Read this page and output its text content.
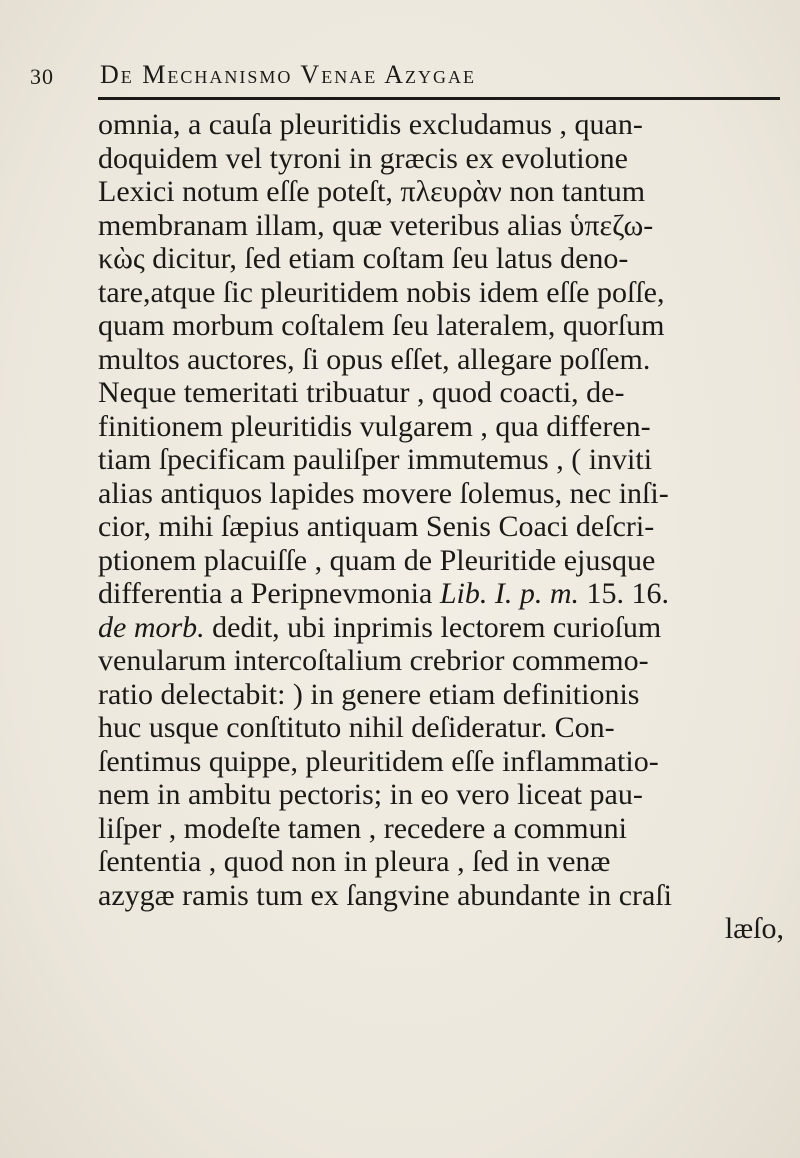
30 De Mechanismo Venae Azygae
omnia, a cauſa pleuritidis excludamus , quan-
doquidem vel tyroni in græcis ex evolutione
Lexici notum eſſe poteſt, πλευρὰν non tantum
membranam illam, quæ veteribus alias ὑπεζω-
κὼς dicitur, ſed etiam coſtam ſeu latus deno-
tare,atque ſic pleuritidem nobis idem eſſe poſſe,
quam morbum coſtalem ſeu lateralem, quorſum
multos auctores, ſi opus eſſet, allegare poſſem.
Neque temeritati tribuatur , quod coacti, de-
finitionem pleuritidis vulgarem , qua differen-
tiam ſpecificam pauliſper immutemus , ( inviti
alias antiquos lapides movere ſolemus, nec inſi-
cior, mihi ſæpius antiquam Senis Coaci deſcri-
ptionem placuiſſe , quam de Pleuritide ejusque
differentia a Peripnevmonia Lib. I. p. m. 15. 16.
de morb. dedit, ubi inprimis lectorem curioſum
venularum intercoſtalium crebrior commemo-
ratio delectabit: ) in genere etiam definitionis
huc usque conſtituto nihil deſideratur. Con-
ſentimus quippe, pleuritidem eſſe inflammatio-
nem in ambitu pectoris; in eo vero liceat pau-
liſper , modeſte tamen , recedere a communi
ſententia , quod non in pleura , ſed in venæ
azygæ ramis tum ex ſangvine abundante in craſi
læſo,
